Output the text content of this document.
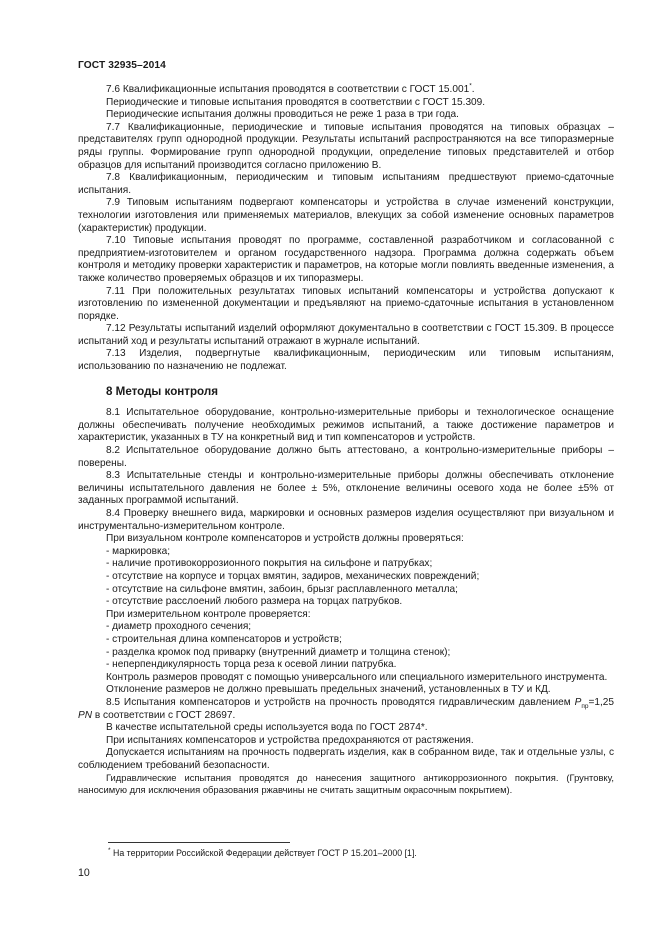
ГОСТ 32935–2014

7.6 Квалификационные испытания проводятся в соответствии с ГОСТ 15.001*.

Периодические и типовые испытания проводятся в соответствии с ГОСТ 15.309.

Периодические испытания должны проводиться не реже 1 раза в три года.

7.7 Квалификационные, периодические и типовые испытания проводятся на типовых образцах – представителях групп однородной продукции. Результаты испытаний распространяются на все типоразмерные ряды группы. Формирование групп однородной продукции, определение типовых представителей и отбор образцов для испытаний производится согласно приложению В.

7.8 Квалификационным, периодическим и типовым испытаниям предшествуют приемо-сдаточные испытания.

7.9 Типовым испытаниям подвергают компенсаторы и устройства в случае изменений конструкции, технологии изготовления или применяемых материалов, влекущих за собой изменение основных параметров (характеристик) продукции.

7.10 Типовые испытания проводят по программе, составленной разработчиком и согласованной с предприятием-изготовителем и органом государственного надзора. Программа должна содержать объем контроля и методику проверки характеристик и параметров, на которые могли повлиять введенные изменения, а также количество проверяемых образцов и их типоразмеры.

7.11 При положительных результатах типовых испытаний компенсаторы и устройства допускают к изготовлению по измененной документации и предъявляют на приемо-сдаточные испытания в установленном порядке.

7.12 Результаты испытаний изделий оформляют документально в соответствии с ГОСТ 15.309. В процессе испытаний ход и результаты испытаний отражают в журнале испытаний.

7.13 Изделия, подвергнутые квалификационным, периодическим или типовым испытаниям, использованию по назначению не подлежат.

8 Методы контроля

8.1 Испытательное оборудование, контрольно-измерительные приборы и технологическое оснащение должны обеспечивать получение необходимых режимов испытаний, а также достижение параметров и характеристик, указанных в ТУ на конкретный вид и тип компенсаторов и устройств.

8.2 Испытательное оборудование должно быть аттестовано, а контрольно-измерительные приборы – поверены.

8.3 Испытательные стенды и контрольно-измерительные приборы должны обеспечивать отклонение величины испытательного давления не более ± 5%, отклонение величины осевого хода не более ±5% от заданных программой испытаний.

8.4 Проверку внешнего вида, маркировки и основных размеров изделия осуществляют при визуальном и инструментально-измерительном контроле.

При визуальном контроле компенсаторов и устройств должны проверяться:

- маркировка;

- наличие противокоррозионного покрытия на сильфоне и патрубках;

- отсутствие на корпусе и торцах вмятин, задиров, механических повреждений;

- отсутствие на сильфоне вмятин, забоин, брызг расплавленного металла;

- отсутствие расслоений любого размера на торцах патрубков.

При измерительном контроле проверяется:

- диаметр проходного сечения;

- строительная длина компенсаторов и устройств;

- разделка кромок под приварку (внутренний диаметр и толщина стенок);

- неперпендикулярность торца реза к осевой линии патрубка.

Контроль размеров проводят с помощью универсального или специального измерительного инструмента.

Отклонение размеров не должно превышать предельных значений, установленных в ТУ и КД.

8.5 Испытания компенсаторов и устройств на прочность проводятся гидравлическим давлением $P_{пр}=1,25$ PN в соответствии с ГОСТ 28697.

В качестве испытательной среды используется вода по ГОСТ 2874*.

При испытаниях компенсаторов и устройства предохраняются от растяжения.

Допускается испытаниям на прочность подвергать изделия, как в собранном виде, так и отдельные узлы, с соблюдением требований безопасности.

Гидравлические испытания проводятся до нанесения защитного антикоррозионного покрытия. (Грунтовку, наносимую для исключения образования ржавчины не считать защитным окрасочным покрытием).

* На территории Российской Федерации действует ГОСТ Р 15.201–2000 [1].
10
